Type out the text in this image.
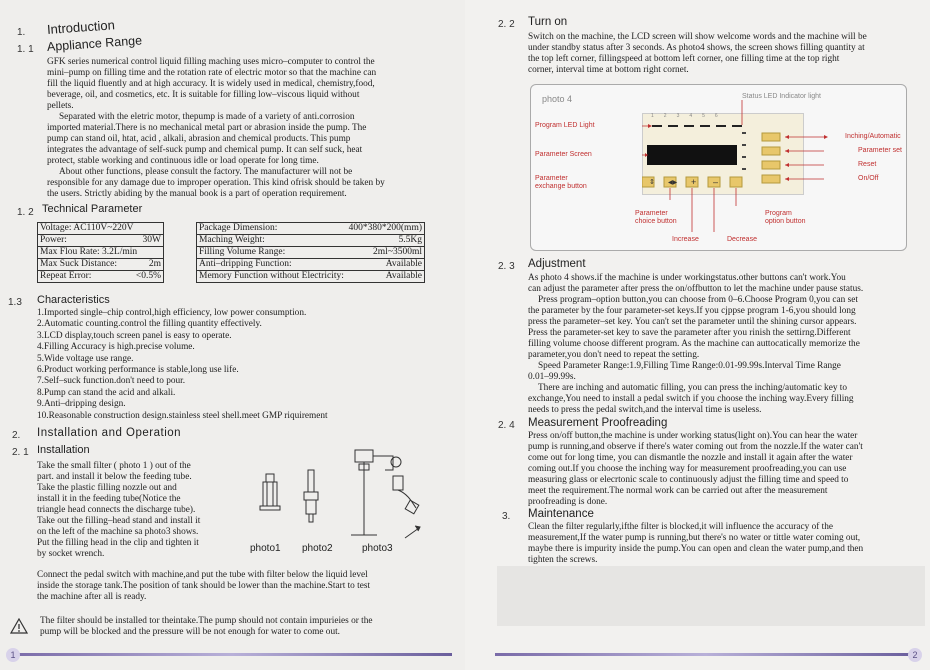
1. Introduction
1. 1 Appliance Range

GFK series numerical control liquid filling maching uses micro–computer to control the

mini–pump on filling time and the rotation rate of electric motor so that the machine can

fill the liquid fluently and at high accuracy. It is widely used in medical, chemistry,food,

beverage, oil, and cosmetics, etc. It is suitable for filling low–viscous liquid without

pellets.

Separated with the eletric motor, thepump is made of a variety of anti.corrosion

imported material.There is no mechanical metal part or abrasion inside the pump. The

pump can stand oil, htat, acid , alkali, abrasion and chemical products. This pump

integrates the advantage of self-suck pump and chemical pump. It can self suck, heat

protect, stable working and continuous idle or load operate for long time.

About other functions, please consult the factory. The manufacturer will not be

responsible for any damage due to improper operation. This kind ofrisk should be taken by

the users. Strictly abiding by the manual book is a part of operation requirement.

1. 2 Technical Parameter
Voltage: AC110V~220V	
Power:	30W
Max Flou Rate: 3.2L/min	
Max Suck Distance:	2m
Repeat Error:	<0.5%
Package Dimension:	400*380*200(mm)
Maching Weight:	5.5Kg
Filling Volume Range:	2ml~3500ml
Anti–dripping Function:	Available
Memory Function without Electricity:	Available
1.3 Characteristics

1.Imported single–chip control,high efficiency, low power consumption.

2.Automatic counting.control the filling quantity effectively.

3.LCD display,touch screen panel is easy to operate.

4.Filling Accuracy is high.precise volume.

5.Wide voltage use range.

6.Product working performance is stable,long use life.

7.Self–suck function.don't need to pour.

8.Pump can stand the acid and alkali.

9.Anti–dripping design.

10.Reasonable construction design.stainless steel shell.meet GMP riquirement

2. Installation and Operation
2. 1 Installation

Take the small filter ( photo 1 ) out of the

part. and install it below the feeding tube.

Take the plastic filling nozzle out and

install it in the feeding tube(Notice the

triangle head connects the discharge tube).

Take out the filling–head stand and install it

on the left of the machine sa photo3 shows.

Put the filling head in the clip and tighten it

by socket wrench.	photo1 photo2	photo3

Connect the pedal switch with machine,and put the tube with filter below the liquid level

inside the storage tank.The position of tank should be lower than the machine.Start to test

the machine after all is ready.

The filter should be installed tor theintake.The pump should not contain impurieies or the

pump will be blocked and the pressure will be not enough for water to come out.

1
2. 2 Turn on

Switch on the machine, the LCD screen will show welcome words and the machine will be

under standby status after 3 seconds. As photo4 shows, the screen shows filling quantity at

the top left corner, fillingspeed at bottom left corner, one filling time at the top right

corner, interval time at bottom right cornet.

photo 4	Status LED Indicator light
Program LED Light
Parameter Screen
Parameter
exchange button
⇕ ◀▶ + –
1 2 3 4 5 6
Inching/Automatic
Parameter set
Reset
On/Off
Parameter
choice button
Program
option button
Increase	Decrease
2. 3 Adjustment

As photo 4 shows.if the machine is under workingstatus.other buttons can't work.You

can adjust the parameter after press the on/offbutton to let the machine under pause status.

Press program–option button,you can choose from 0–6.Choose Program 0,you can set

the parameter by the four parameter-set keys.If you cjppse program 1-6,you should long

press the parameter–set key. You can't set the parameter until the shining cursor appears.

Press the parameter-set key to save the parameter after you rinish the settirng.Different

filling volume choose different program. As the machine can auttocatically memorize the

parameter,you don't need to repeat the setting.

Speed Parameter Range:1.9,Filling Time Range:0.01-99.99s.Interval Time Range

0.01–99.99s.

There are inching and automatic filling, you can press the inching/automatic key to

exchange,You need to install a pedal switch if you choose the inching way.Every filling

needs to press the pedal switch,and the interval time is useless.

2. 4 Measurement Proofreading

Press on/off button,the machine is under working status(light on).You can hear the water

pump is running,and observe if there's water coming out from the nozzle.If the water can't

come out for long time, you can dismantle the nozzle and install it again after the water

coming out.If you choose the inching way for measurement proofreading,you can use

measuring glass or elecrtonic scale to continuously adjust the filling time and speed to

meet the requirement.The normal work can be carried out after the measurement

proofreading is done.

3. Maintenance

Clean the filter regularly,ifthe filter is blocked,it will influence the accuracy of the

measurement,If the water pump is running,but there's no water or tittle water coming out,

maybe there is impurity inside the pump.You can open and clean the water pump,and then

tighten the screws.

2
